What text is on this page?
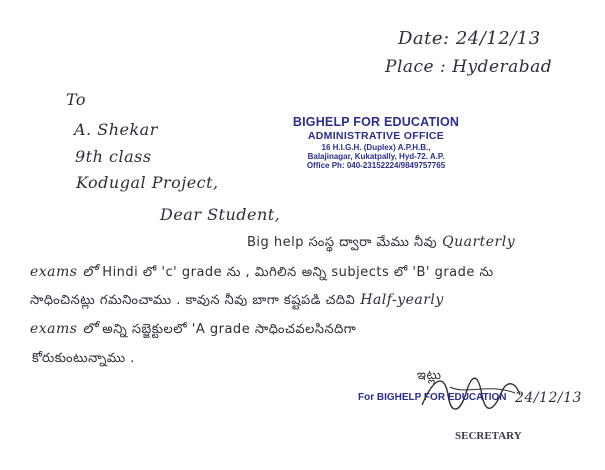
Date: 24/12/13
Place : Hyderabad
To
A. Shekar
9th class
Kodugal Project,
BIGHELP FOR EDUCATION
ADMINISTRATIVE OFFICE
16 H.I.G.H. (Duplex) A.P.H.B.,
Balajinagar, Kukatpally, Hyd-72. A.P.
Office Ph: 040-23152224/9849757765
Dear Student,
Big help సంస్థ ద్వారా మేము నీవు Quarterly
exams లో Hindi లో 'c' grade ను , మిగిలిన అన్ని subjects లో 'B' grade ను
సాధించినట్లు గమనించాము . కావున నీవు బాగా కష్టపడి చదివి Half-yearly
exams లో అన్ని సబ్జెక్టులలో 'A grade సాధించవలసినదిగా
కోరుకుంటున్నాము .
ఇట్లు
For BIGHELP FOR EDUCATION 24/12/13
SECRETARY
